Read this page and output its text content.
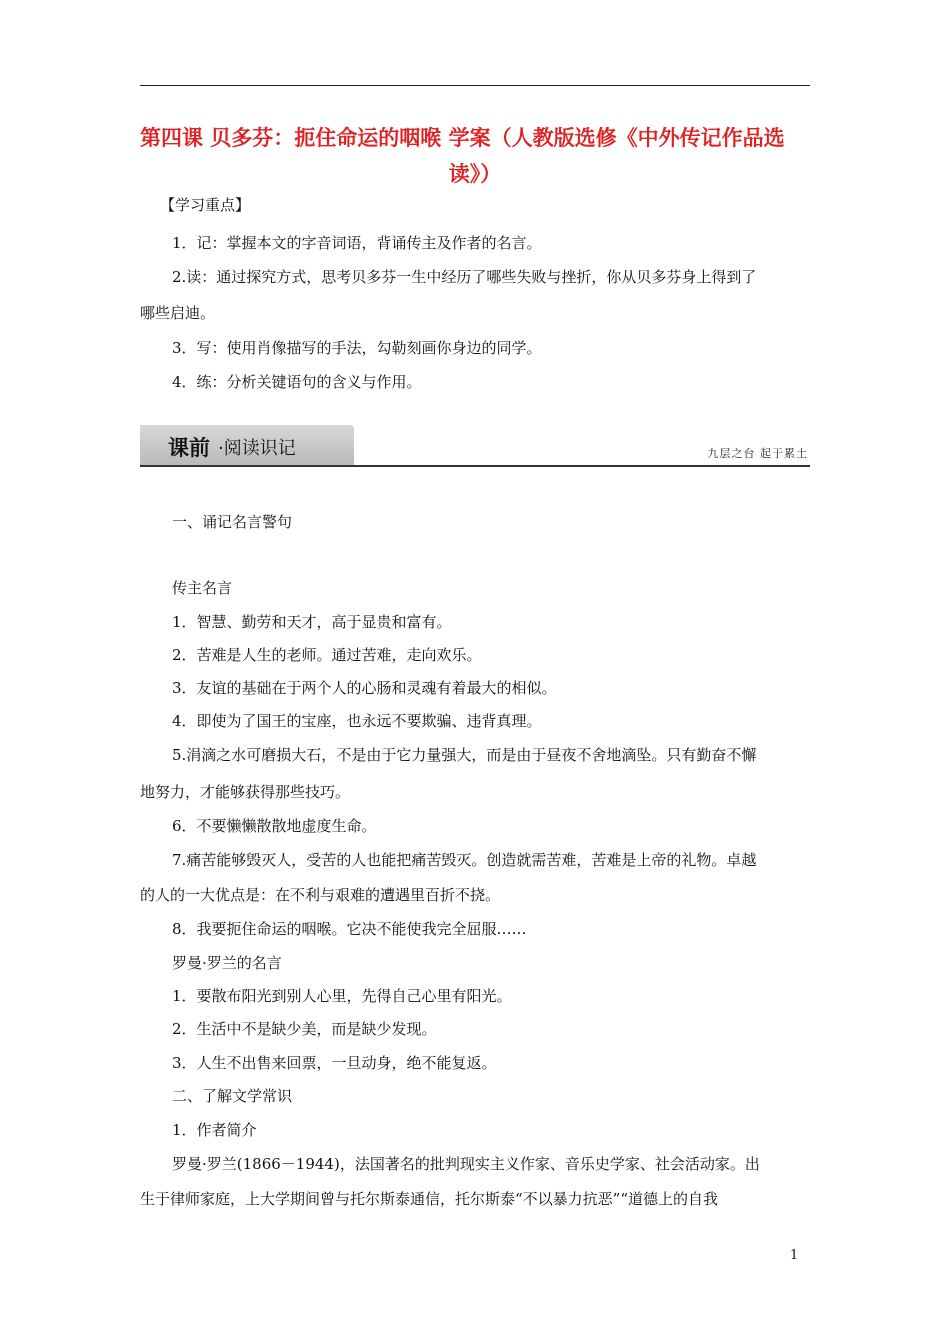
第四课 贝多芬：扼住命运的咽喉 学案（人教版选修《中外传记作品选
读》）
【学习重点】
1．记：掌握本文的字音词语，背诵传主及作者的名言。
2.读：通过探究方式，思考贝多芬一生中经历了哪些失败与挫折，你从贝多芬身上得到了
哪些启迪。
3．写：使用肖像描写的手法，勾勒刻画你身边的同学。
4．练：分析关键语句的含义与作用。
课前 ·阅读识记	九层之台 起于累土
一、诵记名言警句
传主名言
1．智慧、勤劳和天才，高于显贵和富有。
2．苦难是人生的老师。通过苦难，走向欢乐。
3．友谊的基础在于两个人的心肠和灵魂有着最大的相似。
4．即使为了国王的宝座，也永远不要欺骗、违背真理。
5.涓滴之水可磨损大石，不是由于它力量强大，而是由于昼夜不舍地滴坠。只有勤奋不懈
地努力，才能够获得那些技巧。
6．不要懒懒散散地虚度生命。
7.痛苦能够毁灭人，受苦的人也能把痛苦毁灭。创造就需苦难，苦难是上帝的礼物。卓越
的人的一大优点是：在不利与艰难的遭遇里百折不挠。
8．我要扼住命运的咽喉。它决不能使我完全屈服……
罗曼·罗兰的名言
1．要散布阳光到别人心里，先得自己心里有阳光。
2．生活中不是缺少美，而是缺少发现。
3．人生不出售来回票，一旦动身，绝不能复返。
二、了解文学常识
1．作者简介
罗曼·罗兰(1866－1944)，法国著名的批判现实主义作家、音乐史学家、社会活动家。出
生于律师家庭，上大学期间曾与托尔斯泰通信，托尔斯泰“不以暴力抗恶”“道德上的自我
1
